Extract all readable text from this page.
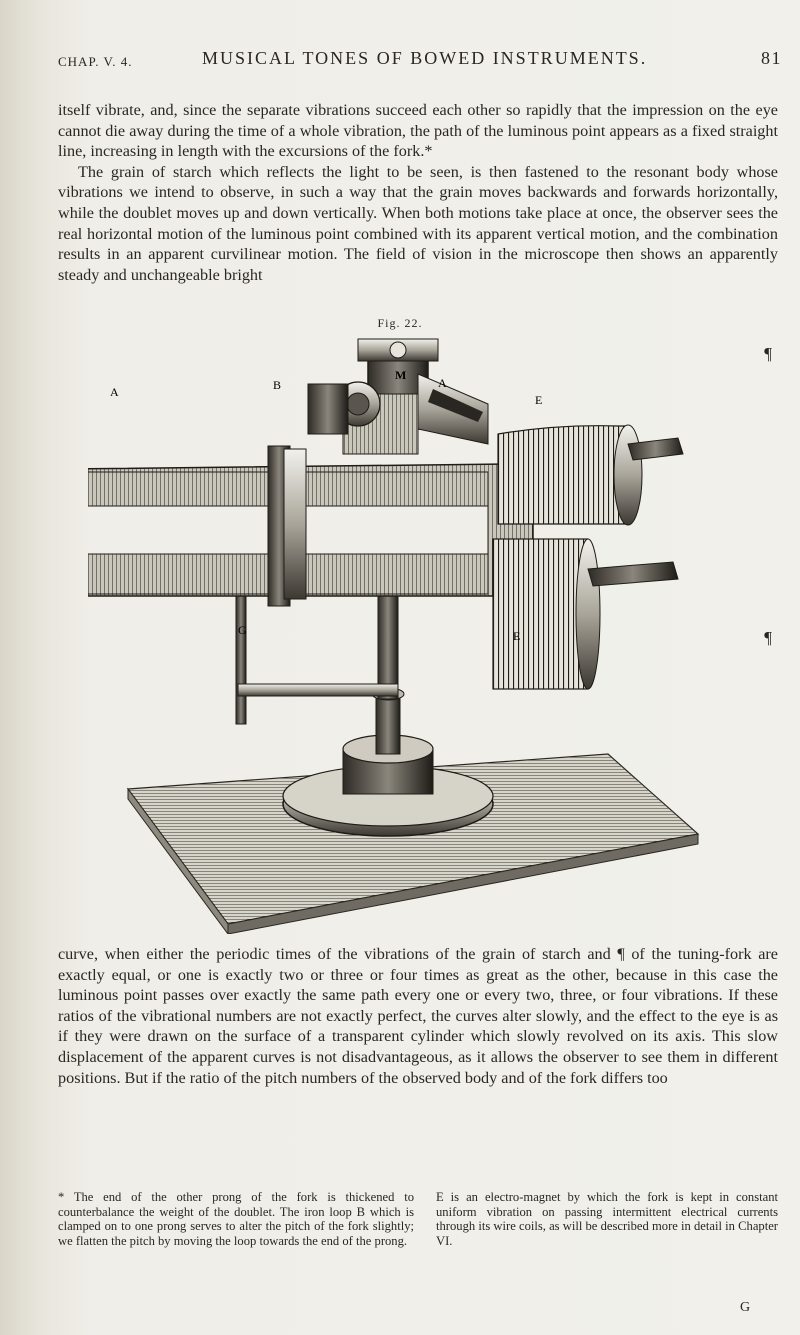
CHAP. V. 4.	MUSICAL TONES OF BOWED INSTRUMENTS.	81

itself vibrate, and, since the separate vibrations succeed each other so rapidly that the impression on the eye cannot die away during the time of a whole vibration, the path of the luminous point appears as a fixed straight line, increasing in length with the excursions of the fork.*

The grain of starch which reflects the light to be seen, is then fastened to the resonant body whose vibrations we intend to observe, in such a way that the grain moves backwards and forwards horizontally, while the doublet moves up and down vertically. When both motions take place at once, the observer sees the real horizontal motion of the luminous point combined with its apparent vertical motion, and the combination results in an apparent curvilinear motion. The field of vision in the microscope then shows an apparently steady and unchangeable bright

Fig. 22.
¶
¶
A	B
M
A
E
G	E

curve, when either the periodic times of the vibrations of the grain of starch and ¶ of the tuning-fork are exactly equal, or one is exactly two or three or four times as great as the other, because in this case the luminous point passes over exactly the same path every one or every two, three, or four vibrations. If these ratios of the vibrational numbers are not exactly perfect, the curves alter slowly, and the effect to the eye is as if they were drawn on the surface of a transparent cylinder which slowly revolved on its axis. This slow displacement of the apparent curves is not disadvantageous, as it allows the observer to see them in different positions. But if the ratio of the pitch numbers of the observed body and of the fork differs too

* The end of the other prong of the fork is thickened to counterbalance the weight of the doublet. The iron loop B which is clamped on to one prong serves to alter the pitch of the fork slightly; we flatten the pitch by moving the loop towards the end of the prong.
E is an electro-magnet by which the fork is kept in constant uniform vibration on passing intermittent electrical currents through its wire coils, as will be described more in detail in Chapter VI.
G
